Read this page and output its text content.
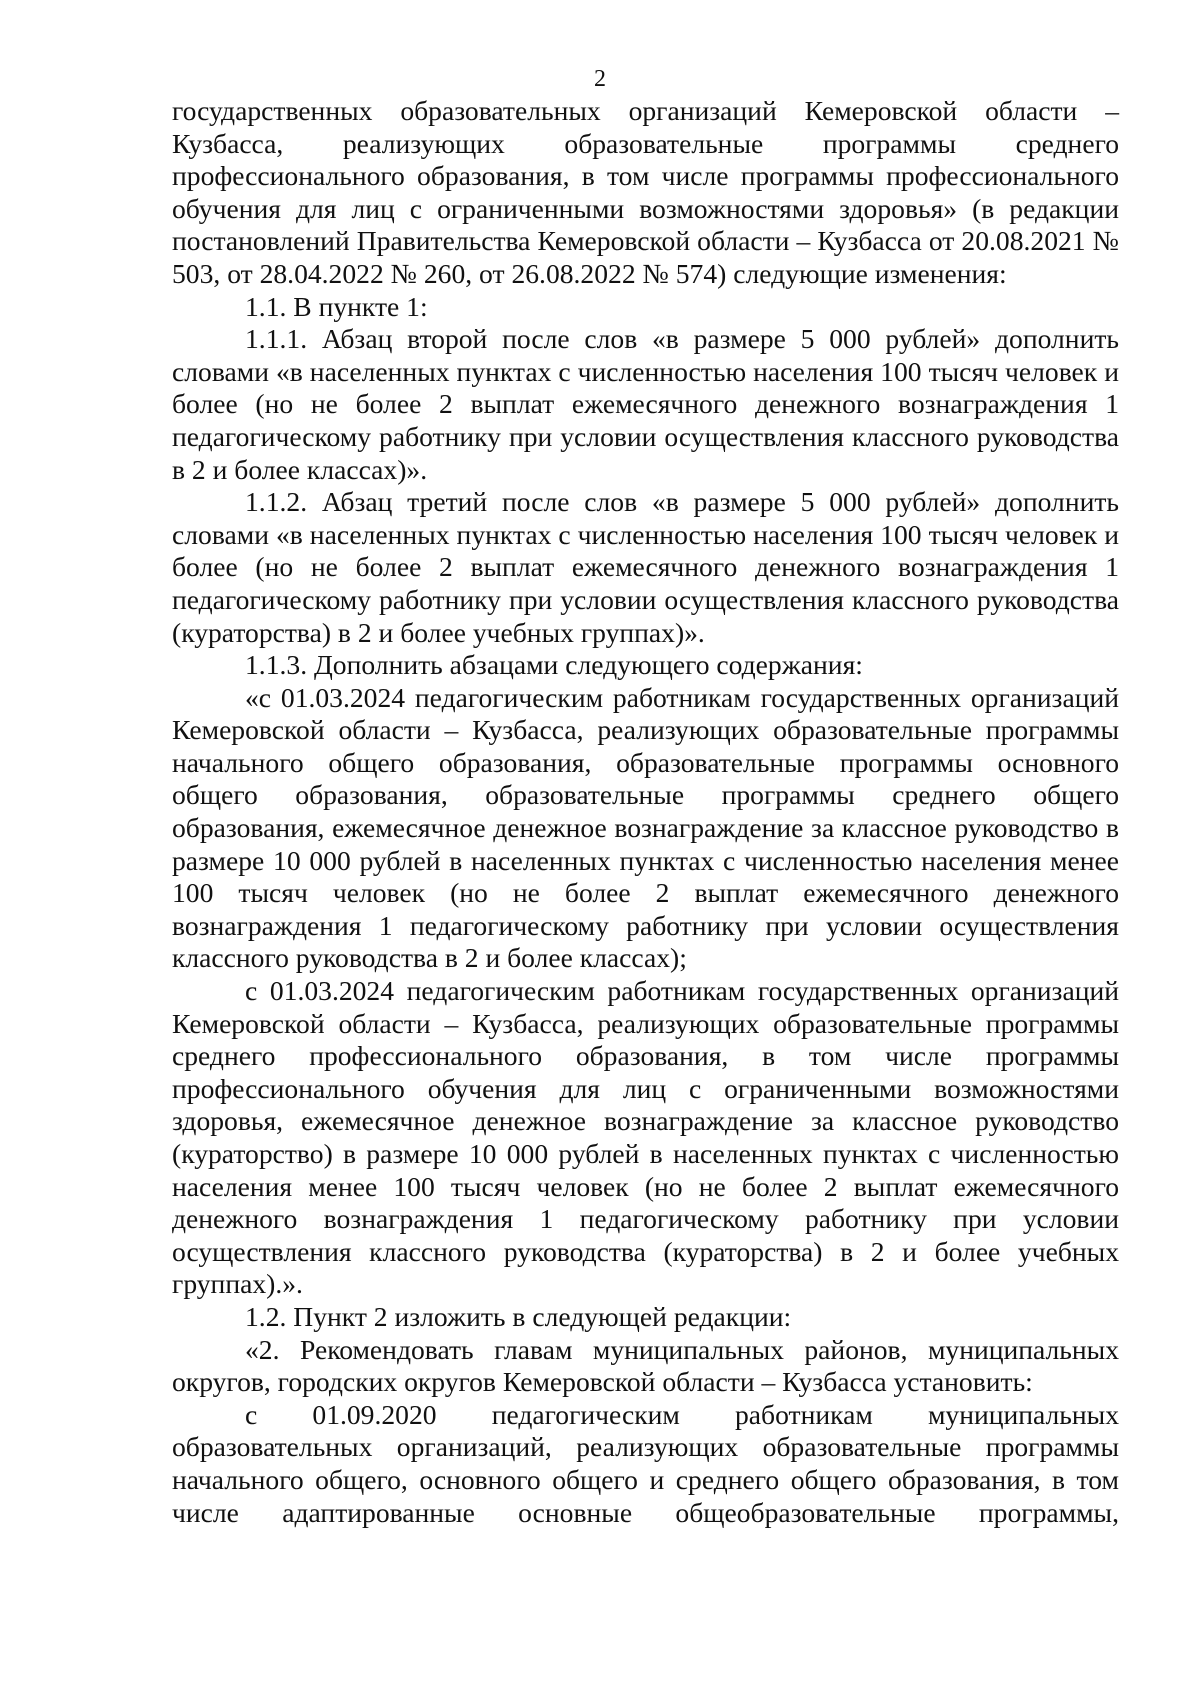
2

государственных образовательных организаций Кемеровской области – Кузбасса, реализующих образовательные программы среднего профессионального образования, в том числе программы профессионального обучения для лиц с ограниченными возможностями здоровья» (в редакции постановлений Правительства Кемеровской области – Кузбасса от 20.08.2021 № 503, от 28.04.2022 № 260, от 26.08.2022 № 574) следующие изменения:

1.1. В пункте 1:

1.1.1. Абзац второй после слов «в размере 5 000 рублей» дополнить словами «в населенных пунктах с численностью населения 100 тысяч человек и более (но не более 2 выплат ежемесячного денежного вознаграждения 1 педагогическому работнику при условии осуществления классного руководства в 2 и более классах)».

1.1.2. Абзац третий после слов «в размере 5 000 рублей» дополнить словами «в населенных пунктах с численностью населения 100 тысяч человек и более (но не более 2 выплат ежемесячного денежного вознаграждения 1 педагогическому работнику при условии осуществления классного руководства (кураторства) в 2 и более учебных группах)».

1.1.3. Дополнить абзацами следующего содержания:

«с 01.03.2024 педагогическим работникам государственных организаций Кемеровской области – Кузбасса, реализующих образовательные программы начального общего образования, образовательные программы основного общего образования, образовательные программы среднего общего образования, ежемесячное денежное вознаграждение за классное руководство в размере 10 000 рублей в населенных пунктах с численностью населения менее 100 тысяч человек (но не более 2 выплат ежемесячного денежного вознаграждения 1 педагогическому работнику при условии осуществления классного руководства в 2 и более классах);

с 01.03.2024 педагогическим работникам государственных организаций Кемеровской области – Кузбасса, реализующих образовательные программы среднего профессионального образования, в том числе программы профессионального обучения для лиц с ограниченными возможностями здоровья, ежемесячное денежное вознаграждение за классное руководство (кураторство) в размере 10 000 рублей в населенных пунктах с численностью населения менее 100 тысяч человек (но не более 2 выплат ежемесячного денежного вознаграждения 1 педагогическому работнику при условии осуществления классного руководства (кураторства) в 2 и более учебных группах).».

1.2. Пункт 2 изложить в следующей редакции:

«2. Рекомендовать главам муниципальных районов, муниципальных округов, городских округов Кемеровской области – Кузбасса установить:

с 01.09.2020 педагогическим работникам муниципальных образовательных организаций, реализующих образовательные программы начального общего, основного общего и среднего общего образования, в том числе адаптированные основные общеобразовательные программы,
